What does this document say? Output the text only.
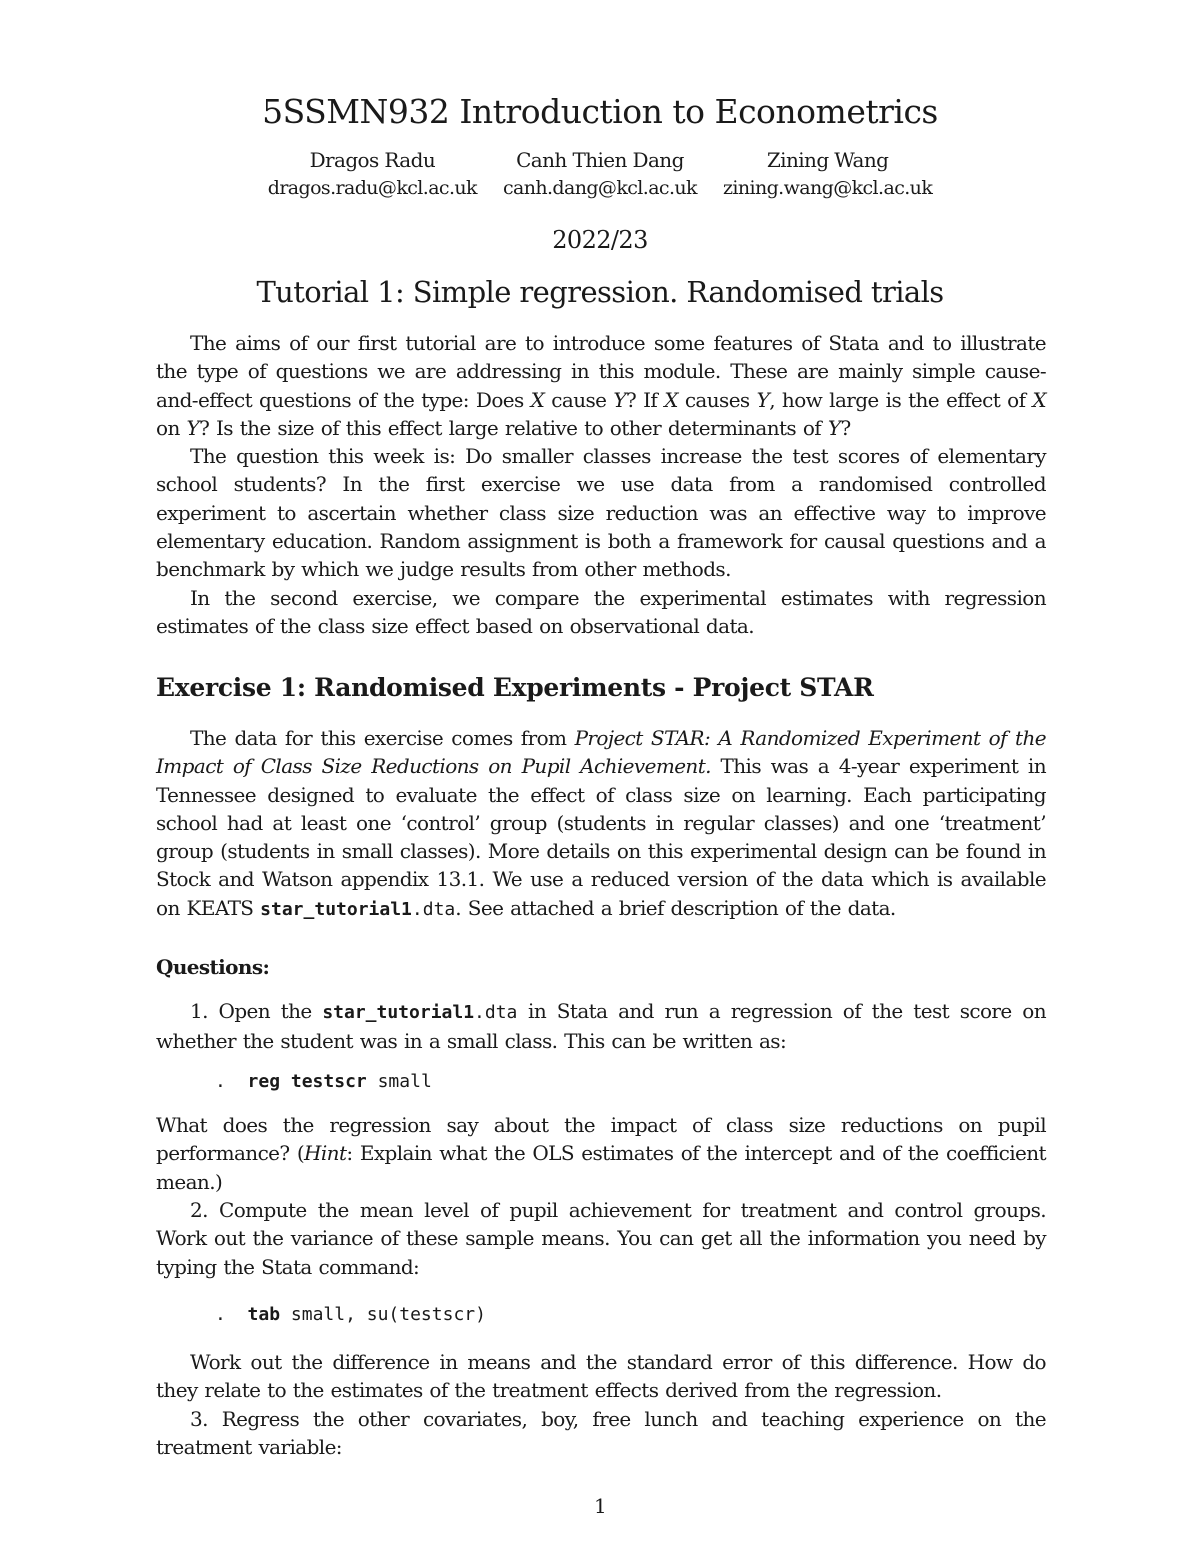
5SSMN932 Introduction to Econometrics
Dragos Radu
dragos.radu@kcl.ac.uk
Canh Thien Dang
canh.dang@kcl.ac.uk
Zining Wang
zining.wang@kcl.ac.uk
2022/23
Tutorial 1: Simple regression. Randomised trials

The aims of our first tutorial are to introduce some features of Stata and to illustrate the type of questions we are addressing in this module. These are mainly simple cause-and-effect questions of the type: Does X cause Y? If X causes Y, how large is the effect of X on Y? Is the size of this effect large relative to other determinants of Y?

The question this week is: Do smaller classes increase the test scores of elementary school students? In the first exercise we use data from a randomised controlled experiment to ascertain whether class size reduction was an effective way to improve elementary education. Random assignment is both a framework for causal questions and a benchmark by which we judge results from other methods.

In the second exercise, we compare the experimental estimates with regression estimates of the class size effect based on observational data.

Exercise 1: Randomised Experiments - Project STAR

The data for this exercise comes from Project STAR: A Randomized Experiment of the Impact of Class Size Reductions on Pupil Achievement. This was a 4-year experiment in Tennessee designed to evaluate the effect of class size on learning. Each participating school had at least one ‘control’ group (students in regular classes) and one ‘treatment’ group (students in small classes). More details on this experimental design can be found in Stock and Watson appendix 13.1. We use a reduced version of the data which is available on KEATS star_tutorial1.dta. See attached a brief description of the data.

Questions:

1. Open the star_tutorial1.dta in Stata and run a regression of the test score on whether the student was in a small class. This can be written as:

. reg testscr small

What does the regression say about the impact of class size reductions on pupil performance? (Hint: Explain what the OLS estimates of the intercept and of the coefficient mean.)

2. Compute the mean level of pupil achievement for treatment and control groups. Work out the variance of these sample means. You can get all the information you need by typing the Stata command:

. tab small, su(testscr)

Work out the difference in means and the standard error of this difference. How do they relate to the estimates of the treatment effects derived from the regression.

3. Regress the other covariates, boy, free lunch and teaching experience on the treatment variable:

1
